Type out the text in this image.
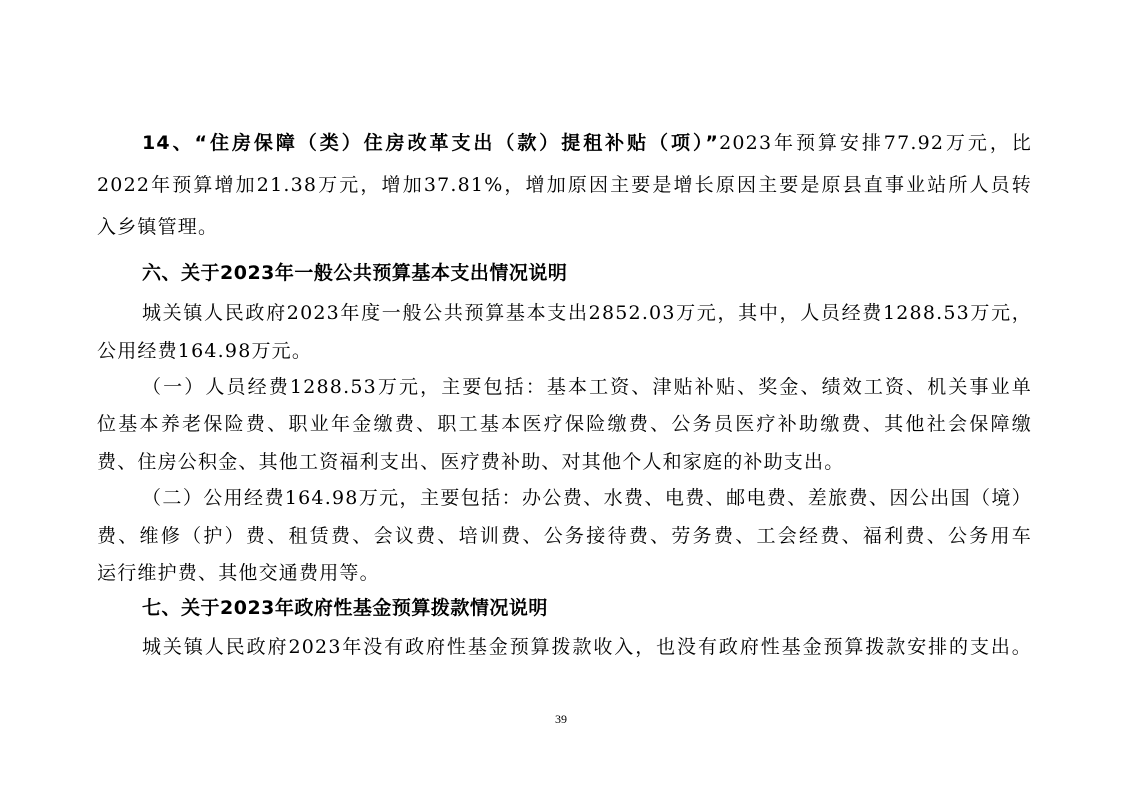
14、“住房保障（类）住房改革支出（款）提租补贴（项）”2023年预算安排77.92万元，比
2022年预算增加21.38万元，增加37.81%，增加原因主要是增长原因主要是原县直事业站所人员转
入乡镇管理。
六、关于2023年一般公共预算基本支出情况说明
城关镇人民政府2023年度一般公共预算基本支出2852.03万元，其中，人员经费1288.53万元，
公用经费164.98万元。
（一）人员经费1288.53万元，主要包括：基本工资、津贴补贴、奖金、绩效工资、机关事业单
位基本养老保险费、职业年金缴费、职工基本医疗保险缴费、公务员医疗补助缴费、其他社会保障缴
费、住房公积金、其他工资福利支出、医疗费补助、对其他个人和家庭的补助支出。
（二）公用经费164.98万元，主要包括：办公费、水费、电费、邮电费、差旅费、因公出国（境）
费、维修（护）费、租赁费、会议费、培训费、公务接待费、劳务费、工会经费、福利费、公务用车
运行维护费、其他交通费用等。
七、关于2023年政府性基金预算拨款情况说明
城关镇人民政府2023年没有政府性基金预算拨款收入，也没有政府性基金预算拨款安排的支出。
39
